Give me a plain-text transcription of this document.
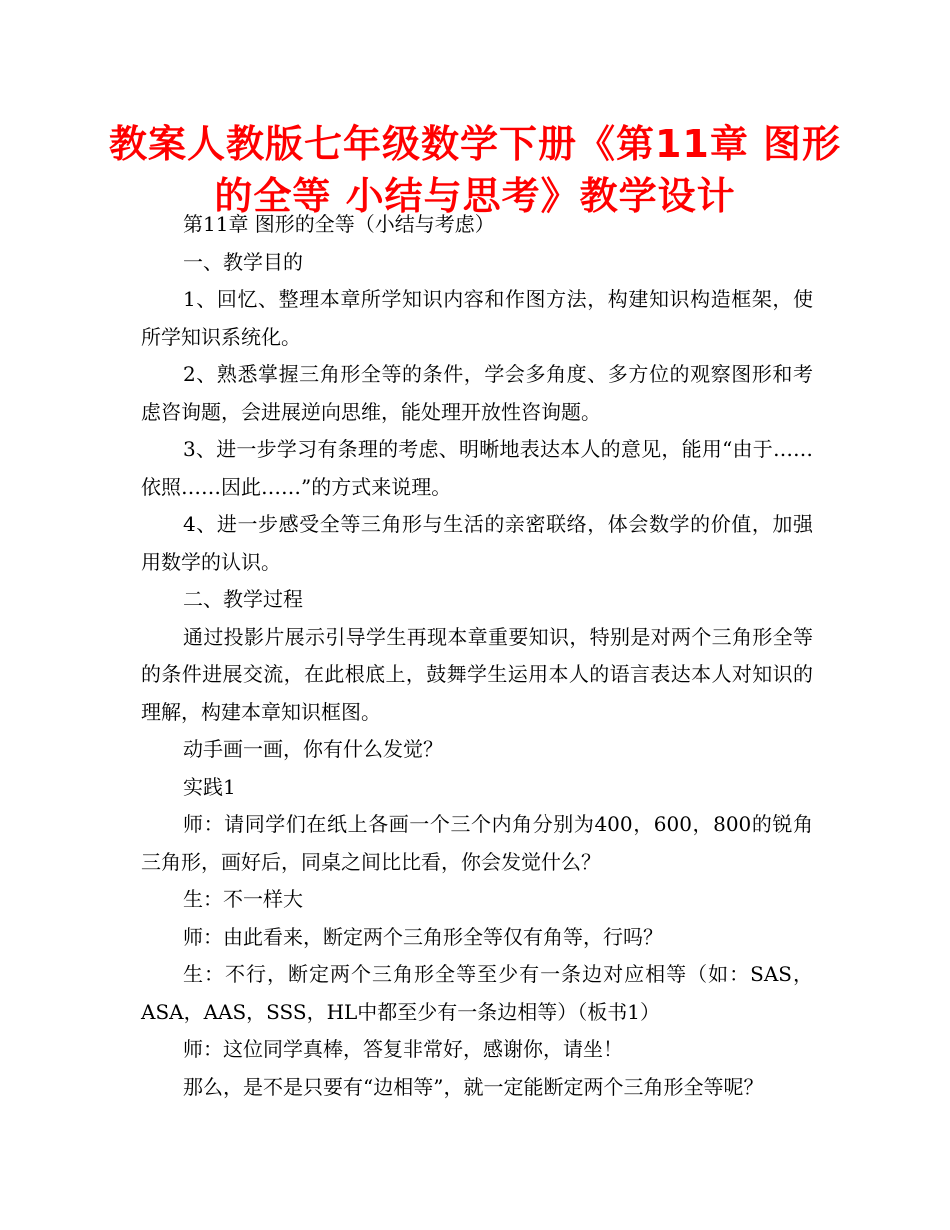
教案人教版七年级数学下册《第11章 图形的全等 小结与思考》教学设计

第11章 图形的全等（小结与考虑）

一、教学目的

1、回忆、整理本章所学知识内容和作图方法，构建知识构造框架，使所学知识系统化。

2、熟悉掌握三角形全等的条件，学会多角度、多方位的观察图形和考虑咨询题，会进展逆向思维，能处理开放性咨询题。

3、进一步学习有条理的考虑、明晰地表达本人的意见，能用“由于……依照……因此……”的方式来说理。

4、进一步感受全等三角形与生活的亲密联络，体会数学的价值，加强用数学的认识。

二、教学过程

通过投影片展示引导学生再现本章重要知识，特别是对两个三角形全等的条件进展交流，在此根底上，鼓舞学生运用本人的语言表达本人对知识的理解，构建本章知识框图。

动手画一画，你有什么发觉？

实践1

师：请同学们在纸上各画一个三个内角分别为400，600，800的锐角三角形，画好后，同桌之间比比看，你会发觉什么？

生：不一样大

师：由此看来，断定两个三角形全等仅有角等，行吗？

生：不行，断定两个三角形全等至少有一条边对应相等（如：SAS，ASA，AAS，SSS，HL中都至少有一条边相等）（板书1）

师：这位同学真棒，答复非常好，感谢你，请坐！

那么，是不是只要有“边相等”，就一定能断定两个三角形全等呢？
